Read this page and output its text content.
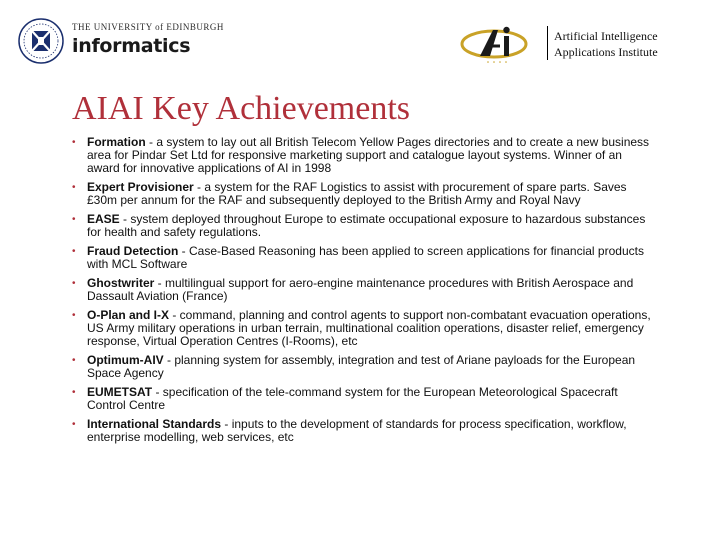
THE UNIVERSITY of EDINBURGH
informatics	Artificial Intelligence
Applications Institute
AIAI Key Achievements
• Formation - a system to lay out all British Telecom Yellow Pages directories and to create a new business area for Pindar Set Ltd for responsive marketing support and catalogue layout systems. Winner of an award for innovative applications of AI in 1998
• Expert Provisioner - a system for the RAF Logistics to assist with procurement of spare parts. Saves £30m per annum for the RAF and subsequently deployed to the British Army and Royal Navy
• EASE - system deployed throughout Europe to estimate occupational exposure to hazardous substances for health and safety regulations.
• Fraud Detection - Case-Based Reasoning has been applied to screen applications for financial products with MCL Software
• Ghostwriter - multilingual support for aero-engine maintenance procedures with British Aerospace and Dassault Aviation (France)
• O-Plan and I-X - command, planning and control agents to support non-combatant evacuation operations, US Army military operations in urban terrain, multinational coalition operations, disaster relief, emergency response, Virtual Operation Centres (I-Rooms), etc
• Optimum-AIV - planning system for assembly, integration and test of Ariane payloads for the European Space Agency
• EUMETSAT - specification of the tele-command system for the European Meteorological Spacecraft Control Centre
• International Standards - inputs to the development of standards for process specification, workflow, enterprise modelling, web services, etc
